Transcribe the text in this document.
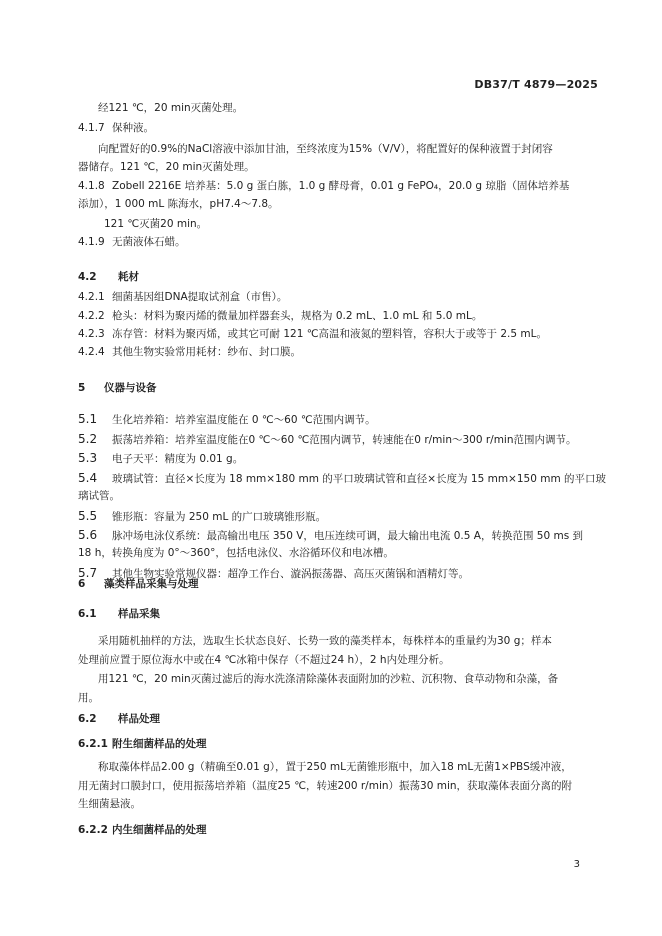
DB37/T 4879—2025
经121 ℃，20 min灭菌处理。
4.1.7 保种液。
向配置好的0.9%的NaCl溶液中添加甘油，至终浓度为15%（V/V），将配置好的保种液置于封闭容
器储存。121 ℃，20 min灭菌处理。
4.1.8 Zobell 2216E 培养基：5.0 g 蛋白胨，1.0 g 酵母膏，0.01 g FePO₄，20.0 g 琼脂（固体培养基
添加），1 000 mL 陈海水，pH7.4～7.8。
121 ℃灭菌20 min。
4.1.9 无菌液体石蜡。
4.2 耗材
4.2.1 细菌基因组DNA提取试剂盒（市售）。
4.2.2 枪头：材料为聚丙烯的微量加样器套头，规格为 0.2 mL、1.0 mL 和 5.0 mL。
4.2.3 冻存管：材料为聚丙烯，或其它可耐 121 ℃高温和液氮的塑料管，容积大于或等于 2.5 mL。
4.2.4 其他生物实验常用耗材：纱布、封口膜。
5 仪器与设备
5.1 生化培养箱：培养室温度能在 0 ℃～60 ℃范围内调节。
5.2 振荡培养箱：培养室温度能在0 ℃～60 ℃范围内调节，转速能在0 r/min～300 r/min范围内调节。
5.3 电子天平：精度为 0.01 g。
5.4 玻璃试管：直径×长度为 18 mm×180 mm 的平口玻璃试管和直径×长度为 15 mm×150 mm 的平口玻
璃试管。
5.5 锥形瓶：容量为 250 mL 的广口玻璃锥形瓶。
5.6 脉冲场电泳仪系统：最高输出电压 350 V，电压连续可调，最大输出电流 0.5 A，转换范围 50 ms 到
18 h，转换角度为 0°～360°，包括电泳仪、水浴循环仪和电冰槽。
5.7 其他生物实验常规仪器：超净工作台、漩涡振荡器、高压灭菌锅和酒精灯等。
6 藻类样品采集与处理
6.1 样品采集
采用随机抽样的方法，选取生长状态良好、长势一致的藻类样本，每株样本的重量约为30 g；样本
处理前应置于原位海水中或在4 ℃冰箱中保存（不超过24 h），2 h内处理分析。
用121 ℃，20 min灭菌过滤后的海水洗涤清除藻体表面附加的沙粒、沉积物、食草动物和杂藻，备
用。
6.2 样品处理
6.2.1 附生细菌样品的处理
称取藻体样品2.00 g（精确至0.01 g），置于250 mL无菌锥形瓶中，加入18 mL无菌1×PBS缓冲液，
用无菌封口膜封口，使用振荡培养箱（温度25 ℃，转速200 r/min）振荡30 min，获取藻体表面分离的附
生细菌悬液。
6.2.2 内生细菌样品的处理
3
